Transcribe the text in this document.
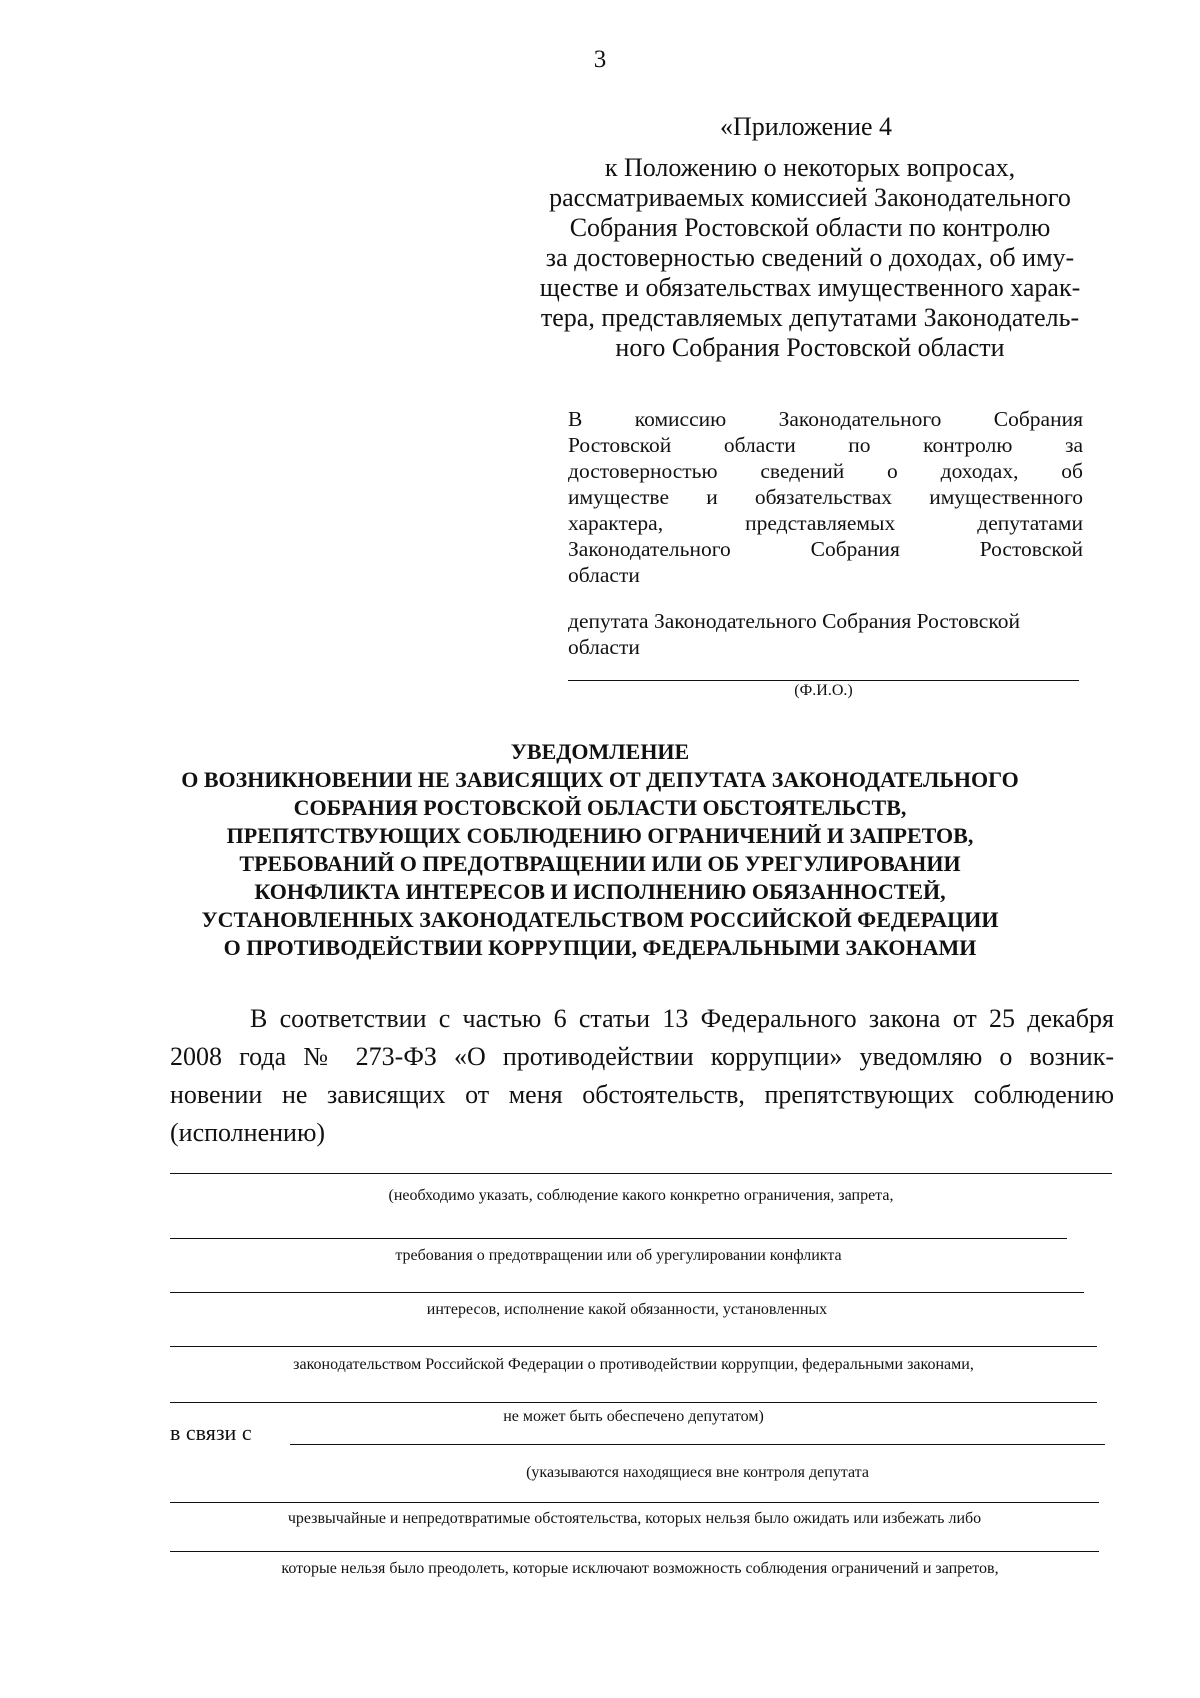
3
«Приложение 4
к Положению о некоторых вопросах,
рассматриваемых комиссией Законодательного
Собрания Ростовской области по контролю
за достоверностью сведений о доходах, об иму-
ществе и обязательствах имущественного харак-
тера, представляемых депутатами Законодатель-
ного Собрания Ростовской области
В комиссию Законодательного Собрания
Ростовской области по контролю за
достоверностью сведений о доходах, об
имуществе и обязательствах имущественного
характера, представляемых депутатами
Законодательного Собрания Ростовской
области
депутата Законодательного Собрания Ростовской
области
(Ф.И.О.)
УВЕДОМЛЕНИЕ
О ВОЗНИКНОВЕНИИ НЕ ЗАВИСЯЩИХ ОТ ДЕПУТАТА ЗАКОНОДАТЕЛЬНОГО
СОБРАНИЯ РОСТОВСКОЙ ОБЛАСТИ ОБСТОЯТЕЛЬСТВ,
ПРЕПЯТСТВУЮЩИХ СОБЛЮДЕНИЮ ОГРАНИЧЕНИЙ И ЗАПРЕТОВ,
ТРЕБОВАНИЙ О ПРЕДОТВРАЩЕНИИ ИЛИ ОБ УРЕГУЛИРОВАНИИ
КОНФЛИКТА ИНТЕРЕСОВ И ИСПОЛНЕНИЮ ОБЯЗАННОСТЕЙ,
УСТАНОВЛЕННЫХ ЗАКОНОДАТЕЛЬСТВОМ РОССИЙСКОЙ ФЕДЕРАЦИИ
О ПРОТИВОДЕЙСТВИИ КОРРУПЦИИ, ФЕДЕРАЛЬНЫМИ ЗАКОНАМИ
В соответствии с частью 6 статьи 13 Федерального закона от 25 декабря
2008 года № 273-ФЗ «О противодействии коррупции» уведомляю о возник-
новении не зависящих от меня обстоятельств, препятствующих соблюдению
(исполнению)
(необходимо указать, соблюдение какого конкретно ограничения, запрета,
требования о предотвращении или об урегулировании конфликта
интересов, исполнение какой обязанности, установленных
законодательством Российской Федерации о противодействии коррупции, федеральными законами,
не может быть обеспечено депутатом)
в связи с
(указываются находящиеся вне контроля депутата
чрезвычайные и непредотвратимые обстоятельства, которых нельзя было ожидать или избежать либо
которые нельзя было преодолеть, которые исключают возможность соблюдения ограничений и запретов,
